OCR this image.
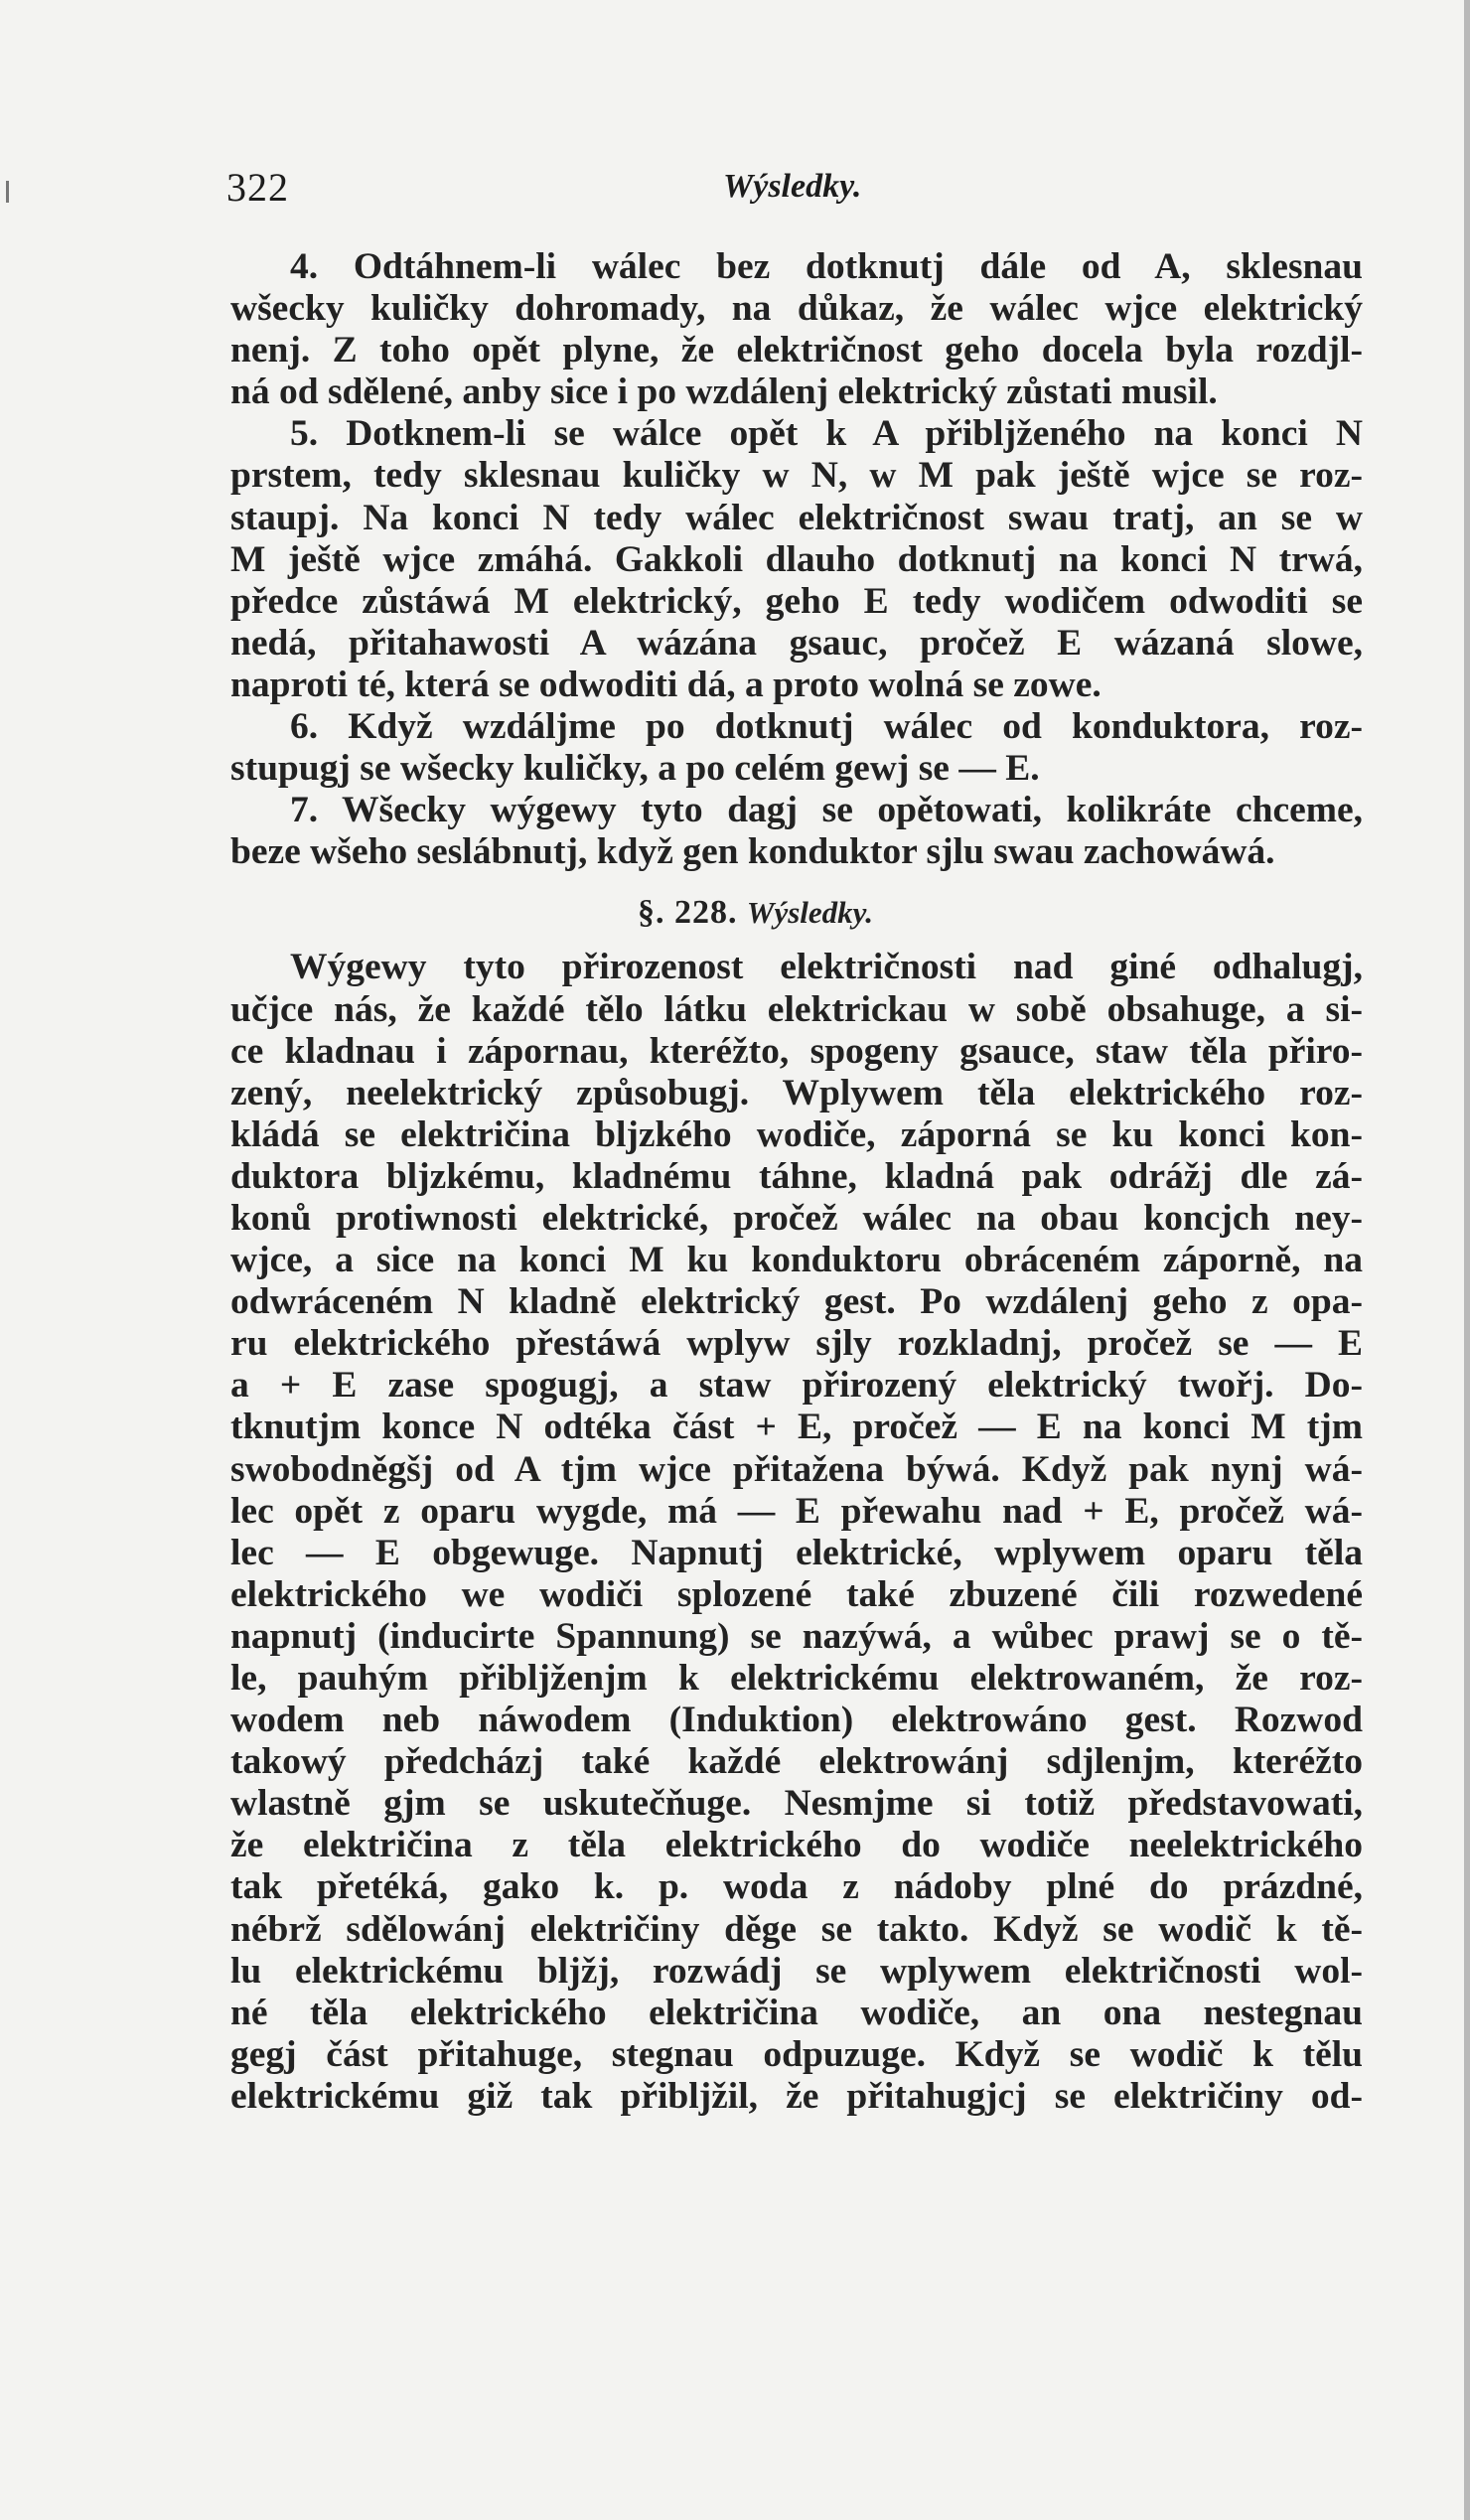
322	Wýsledky.
4. Odtáhnem-li wálec bez dotknutj dále od A, sklesnau
wšecky kuličky dohromady, na důkaz, že wálec wjce elektrický
nenj. Z toho opět plyne, že električnost geho docela byla rozdjl-
ná od sdělené, anby sice i po wzdálenj elektrický zůstati musil.
5. Dotknem-li se wálce opět k A přiblјženého na konci N
prstem, tedy sklesnau kuličky w N, w M pak ještě wjce se roz-
staupj. Na konci N tedy wálec električnost swau tratj, an se w
M ještě wjce zmáhá. Gakkoli dlauho dotknutj na konci N trwá,
předce zůstáwá M elektrický, geho E tedy wodičem odwoditi se
nedá, přitahawosti A wázána gsauc, pročež E wázaná slowe,
naproti té, která se odwoditi dá, a proto wolná se zowe.
6. Když wzdáljme po dotknutj wálec od konduktora, roz-
stupugj se wšecky kuličky, a po celém gewj se — E.
7. Wšecky wýgewy tyto dagj se opětowati, kolikráte chceme,
beze wšeho seslábnutj, když gen konduktor sjlu swau zachowáwá.
§. 228. Wýsledky.
Wýgewy tyto přirozenost električnosti nad giné odhalugj,
učjce nás, že každé tělo látku elektrickau w sobě obsahuge, a si-
ce kladnau i zápornau, kteréžto, spogeny gsauce, staw těla přiro-
zený, neelektrický způsobugj. Wplywem těla elektrického roz-
kládá se električina bljzkého wodiče, záporná se ku konci kon-
duktora bljzkému, kladnému táhne, kladná pak odrážj dle zá-
konů protiwnosti elektrické, pročež wálec na obau koncjch ney-
wjce, a sice na konci M ku konduktoru obráceném záporně, na
odwráceném N kladně elektrický gest. Po wzdálenj geho z opa-
ru elektrického přestáwá wplyw sjly rozkladnj, pročež se — E
a + E zase spogugj, a staw přirozený elektrický twořj. Do-
tknutjm konce N odtéka část + E, pročež — E na konci M tjm
swobodněgšj od A tjm wjce přitažena býwá. Když pak nynj wá-
lec opět z oparu wygde, má — E přewahu nad + E, pročež wá-
lec — E obgewuge. Napnutj elektrické, wplywem oparu těla
elektrického we wodiči splozené také zbuzené čili rozwedené
napnutj (inducirte Spannung) se nazýwá, a wůbec prawj se o tě-
le, pauhým přibljženjm k elektrickému elektrowaném, že roz-
wodem neb náwodem (Induktion) elektrowáno gest. Rozwod
takowý předcházj také každé elektrowánj sdjlenjm, kteréžto
wlastně gjm se uskutečňuge. Nesmjme si totiž představowati,
že električina z těla elektrického do wodiče neelektrického
tak přetéká, gako k. p. woda z nádoby plné do prázdné,
nébrž sdělowánj električiny děge se takto. Když se wodič k tě-
lu elektrickému bljžj, rozwádj se wplywem električnosti wol-
né těla elektrického električina wodiče, an ona nestegnau
gegj část přitahuge, stegnau odpuzuge. Když se wodič k tělu
elektrickému giž tak přibljžil, že přitahugjcj se električiny od-
